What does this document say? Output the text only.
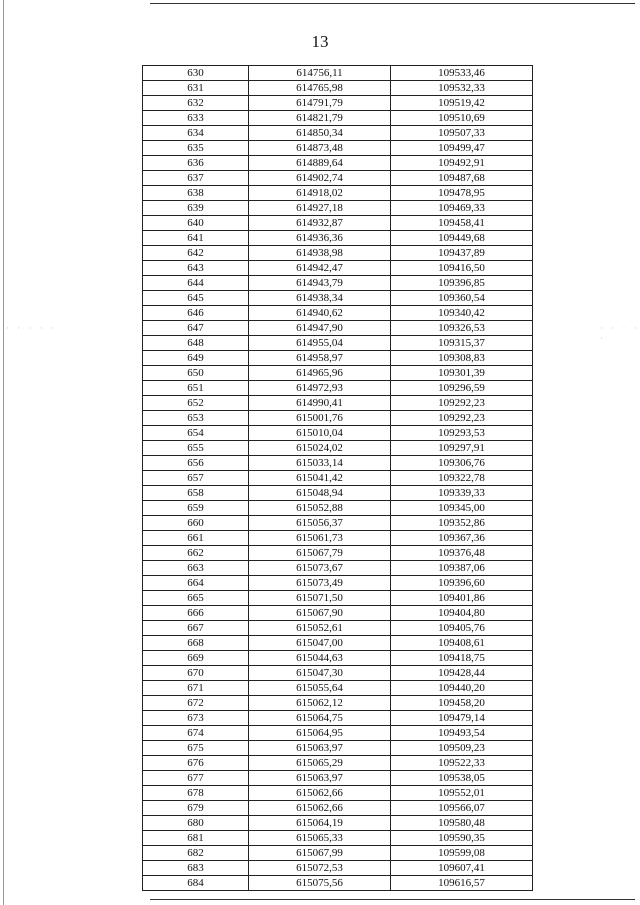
13
· · · · ·	· · · · ·
630	614756,11	109533,46
631	614765,98	109532,33
632	614791,79	109519,42
633	614821,79	109510,69
634	614850,34	109507,33
635	614873,48	109499,47
636	614889,64	109492,91
637	614902,74	109487,68
638	614918,02	109478,95
639	614927,18	109469,33
640	614932,87	109458,41
641	614936,36	109449,68
642	614938,98	109437,89
643	614942,47	109416,50
644	614943,79	109396,85
645	614938,34	109360,54
646	614940,62	109340,42
647	614947,90	109326,53
648	614955,04	109315,37
649	614958,97	109308,83
650	614965,96	109301,39
651	614972,93	109296,59
652	614990,41	109292,23
653	615001,76	109292,23
654	615010,04	109293,53
655	615024,02	109297,91
656	615033,14	109306,76
657	615041,42	109322,78
658	615048,94	109339,33
659	615052,88	109345,00
660	615056,37	109352,86
661	615061,73	109367,36
662	615067,79	109376,48
663	615073,67	109387,06
664	615073,49	109396,60
665	615071,50	109401,86
666	615067,90	109404,80
667	615052,61	109405,76
668	615047,00	109408,61
669	615044,63	109418,75
670	615047,30	109428,44
671	615055,64	109440,20
672	615062,12	109458,20
673	615064,75	109479,14
674	615064,95	109493,54
675	615063,97	109509,23
676	615065,29	109522,33
677	615063,97	109538,05
678	615062,66	109552,01
679	615062,66	109566,07
680	615064,19	109580,48
681	615065,33	109590,35
682	615067,99	109599,08
683	615072,53	109607,41
684	615075,56	109616,57
